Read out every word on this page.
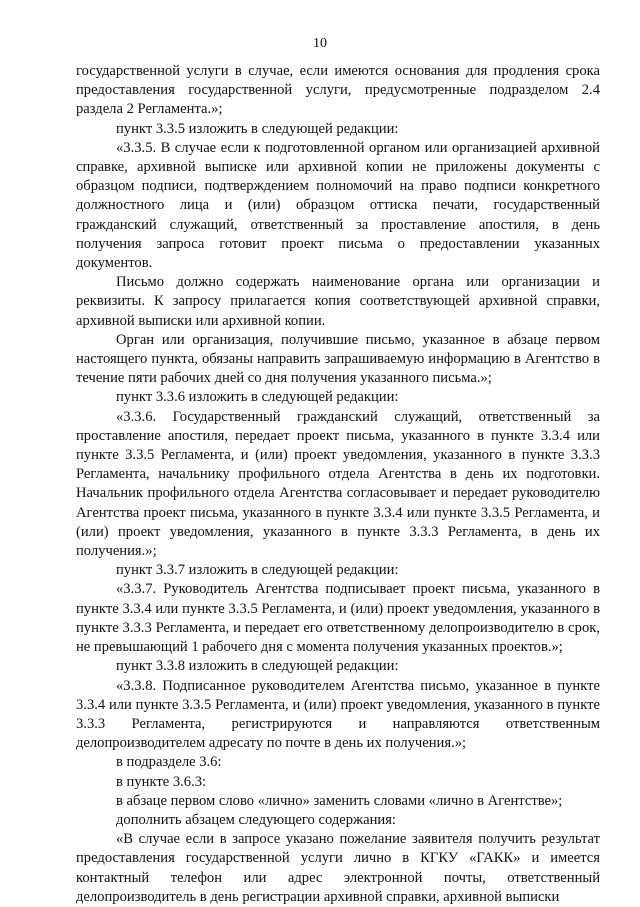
10

государственной услуги в случае, если имеются основания для продления срока предоставления государственной услуги, предусмотренные подразделом 2.4 раздела 2 Регламента.»;

пункт 3.3.5 изложить в следующей редакции:

«3.3.5. В случае если к подготовленной органом или организацией архивной справке, архивной выписке или архивной копии не приложены документы с образцом подписи, подтверждением полномочий на право подписи конкретного должностного лица и (или) образцом оттиска печати, государственный гражданский служащий, ответственный за проставление апостиля, в день получения запроса готовит проект письма о предоставлении указанных документов.

Письмо должно содержать наименование органа или организации и реквизиты. К запросу прилагается копия соответствующей архивной справки, архивной выписки или архивной копии.

Орган или организация, получившие письмо, указанное в абзаце первом настоящего пункта, обязаны направить запрашиваемую информацию в Агентство в течение пяти рабочих дней со дня получения указанного письма.»;

пункт 3.3.6 изложить в следующей редакции:

«3.3.6. Государственный гражданский служащий, ответственный за проставление апостиля, передает проект письма, указанного в пункте 3.3.4 или пункте 3.3.5 Регламента, и (или) проект уведомления, указанного в пункте 3.3.3 Регламента, начальнику профильного отдела Агентства в день их подготовки. Начальник профильного отдела Агентства согласовывает и передает руководителю Агентства проект письма, указанного в пункте 3.3.4 или пункте 3.3.5 Регламента, и (или) проект уведомления, указанного в пункте 3.3.3 Регламента, в день их получения.»;

пункт 3.3.7 изложить в следующей редакции:

«3.3.7. Руководитель Агентства подписывает проект письма, указанного в пункте 3.3.4 или пункте 3.3.5 Регламента, и (или) проект уведомления, указанного в пункте 3.3.3 Регламента, и передает его ответственному делопроизводителю в срок, не превышающий 1 рабочего дня с момента получения указанных проектов.»;

пункт 3.3.8 изложить в следующей редакции:

«3.3.8. Подписанное руководителем Агентства письмо, указанное в пункте 3.3.4 или пункте 3.3.5 Регламента, и (или) проект уведомления, указанного в пункте 3.3.3 Регламента, регистрируются и направляются ответственным делопроизводителем адресату по почте в день их получения.»;

в подразделе 3.6:

в пункте 3.6.3:

в абзаце первом слово «лично» заменить словами «лично в Агентстве»;

дополнить абзацем следующего содержания:

«В случае если в запросе указано пожелание заявителя получить результат предоставления государственной услуги лично в КГКУ «ГАКК» и имеется контактный телефон или адрес электронной почты, ответственный делопроизводитель в день регистрации архивной справки, архивной выписки
